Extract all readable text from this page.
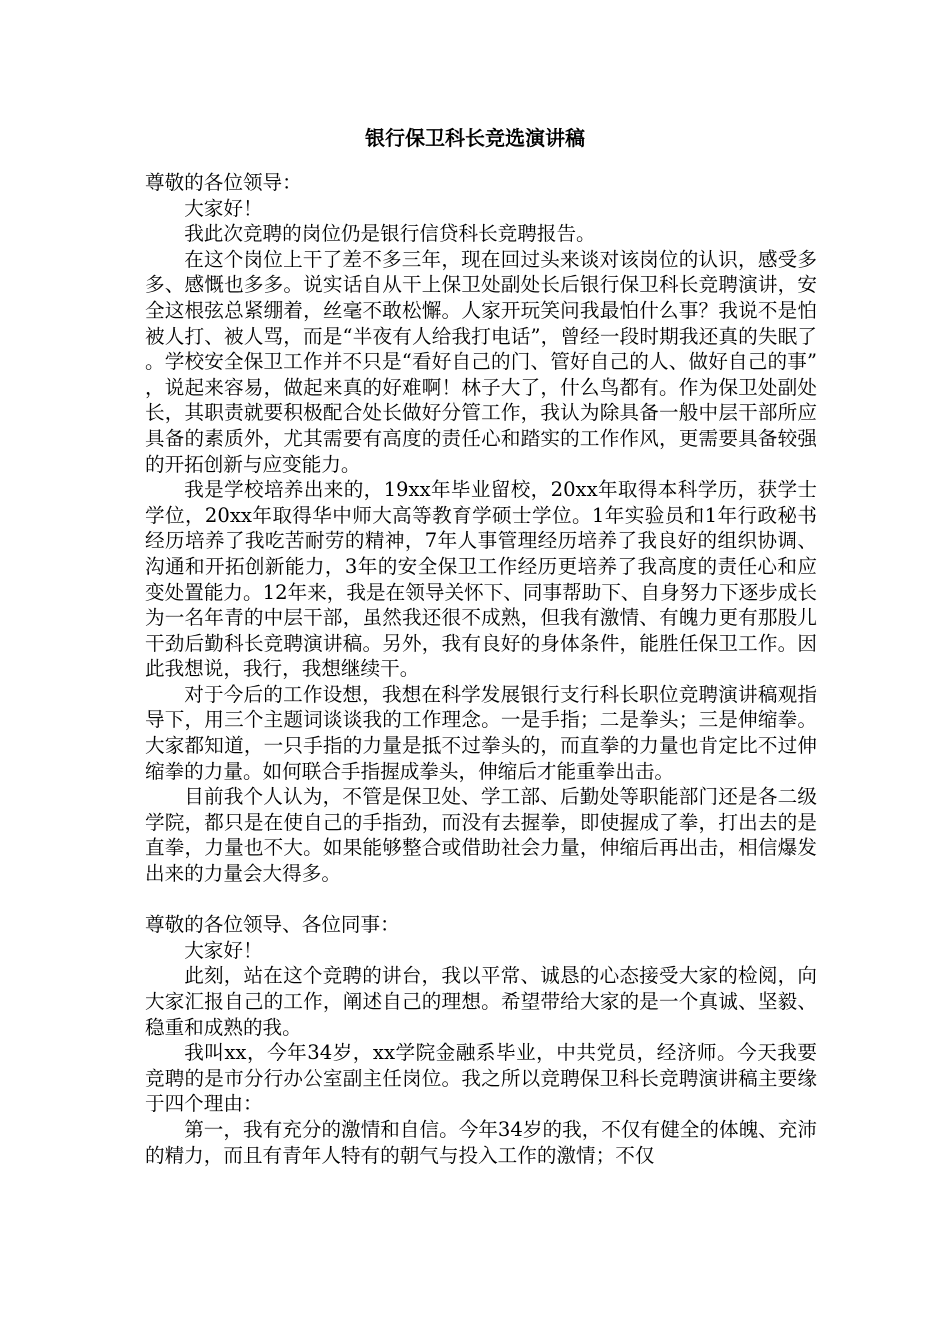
银行保卫科长竞选演讲稿

尊敬的各位领导：

大家好！

我此次竞聘的岗位仍是银行信贷科长竞聘报告。

在这个岗位上干了差不多三年，现在回过头来谈对该岗位的认识，感受多多、感慨也多多。说实话自从干上保卫处副处长后银行保卫科长竞聘演讲，安全这根弦总紧绷着，丝毫不敢松懈。人家开玩笑问我最怕什么事？我说不是怕被人打、被人骂，而是“半夜有人给我打电话”，曾经一段时期我还真的失眠了。学校安全保卫工作并不只是“看好自己的门、管好自己的人、做好自己的事”，说起来容易，做起来真的好难啊！林子大了，什么鸟都有。作为保卫处副处长，其职责就要积极配合处长做好分管工作，我认为除具备一般中层干部所应具备的素质外，尤其需要有高度的责任心和踏实的工作作风，更需要具备较强的开拓创新与应变能力。

我是学校培养出来的，19xx年毕业留校，20xx年取得本科学历，获学士学位，20xx年取得华中师大高等教育学硕士学位。1年实验员和1年行政秘书经历培养了我吃苦耐劳的精神，7年人事管理经历培养了我良好的组织协调、沟通和开拓创新能力，3年的安全保卫工作经历更培养了我高度的责任心和应变处置能力。12年来，我是在领导关怀下、同事帮助下、自身努力下逐步成长为一名年青的中层干部，虽然我还很不成熟，但我有激情、有魄力更有那股儿干劲后勤科长竞聘演讲稿。另外，我有良好的身体条件，能胜任保卫工作。因此我想说，我行，我想继续干。

对于今后的工作设想，我想在科学发展银行支行科长职位竞聘演讲稿观指导下，用三个主题词谈谈我的工作理念。一是手指；二是拳头；三是伸缩拳。大家都知道，一只手指的力量是抵不过拳头的，而直拳的力量也肯定比不过伸缩拳的力量。如何联合手指握成拳头，伸缩后才能重拳出击。

目前我个人认为，不管是保卫处、学工部、后勤处等职能部门还是各二级学院，都只是在使自己的手指劲，而没有去握拳，即使握成了拳，打出去的是直拳，力量也不大。如果能够整合或借助社会力量，伸缩后再出击，相信爆发出来的力量会大得多。

尊敬的各位领导、各位同事：

大家好！

此刻，站在这个竞聘的讲台，我以平常、诚恳的心态接受大家的检阅，向大家汇报自己的工作，阐述自己的理想。希望带给大家的是一个真诚、坚毅、稳重和成熟的我。

我叫xx，今年34岁，xx学院金融系毕业，中共党员，经济师。今天我要竞聘的是市分行办公室副主任岗位。我之所以竞聘保卫科长竞聘演讲稿主要缘于四个理由：

第一，我有充分的激情和自信。今年34岁的我，不仅有健全的体魄、充沛的精力，而且有青年人特有的朝气与投入工作的激情；不仅
